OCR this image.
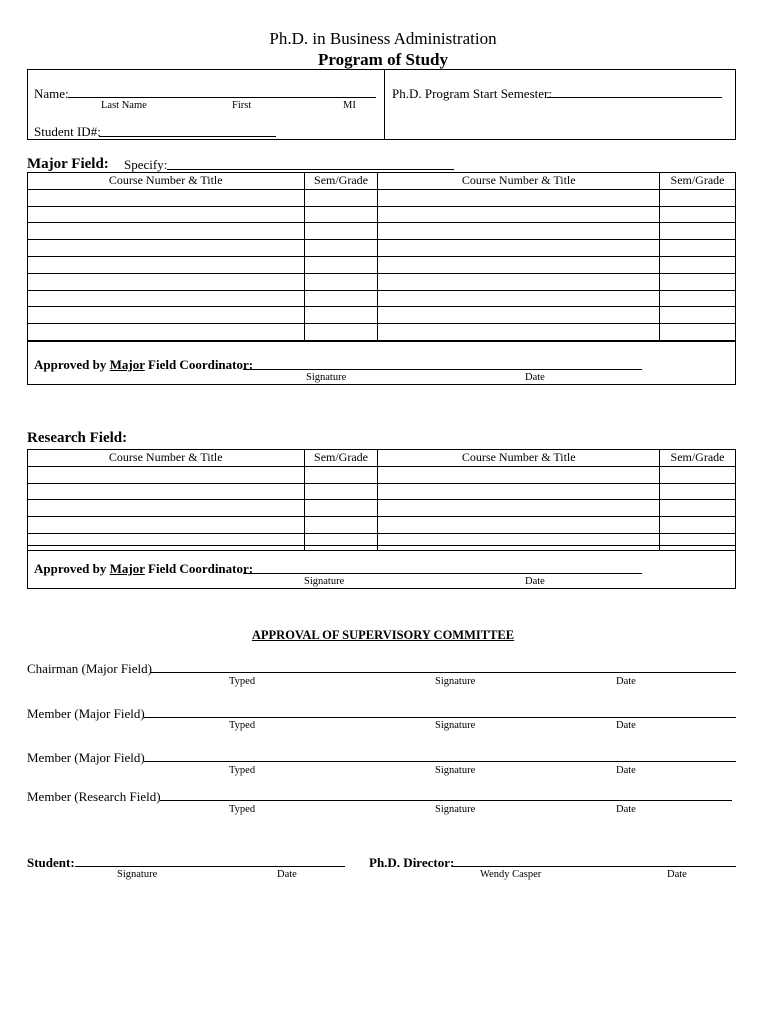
Ph.D. in Business Administration
Program of Study
Name:
Last Name	First	MI
Student ID#:
Ph.D. Program Start Semester:
Major Field: Specify:
Course Number & Title	Sem/Grade	Course Number & Title	Sem/Grade

Approved by Major Field Coordinator:
Signature	Date
Research Field:
Course Number & Title	Sem/Grade	Course Number & Title	Sem/Grade

Approved by Major Field Coordinator:
Signature	Date
APPROVAL OF SUPERVISORY COMMITTEE
Chairman (Major Field)
Typed	Signature	Date
Member (Major Field)
Typed	Signature	Date
Member (Major Field)
Typed	Signature	Date
Member (Research Field)
Typed	Signature	Date
Student:
Signature	Date
Ph.D. Director:
Wendy Casper	Date
